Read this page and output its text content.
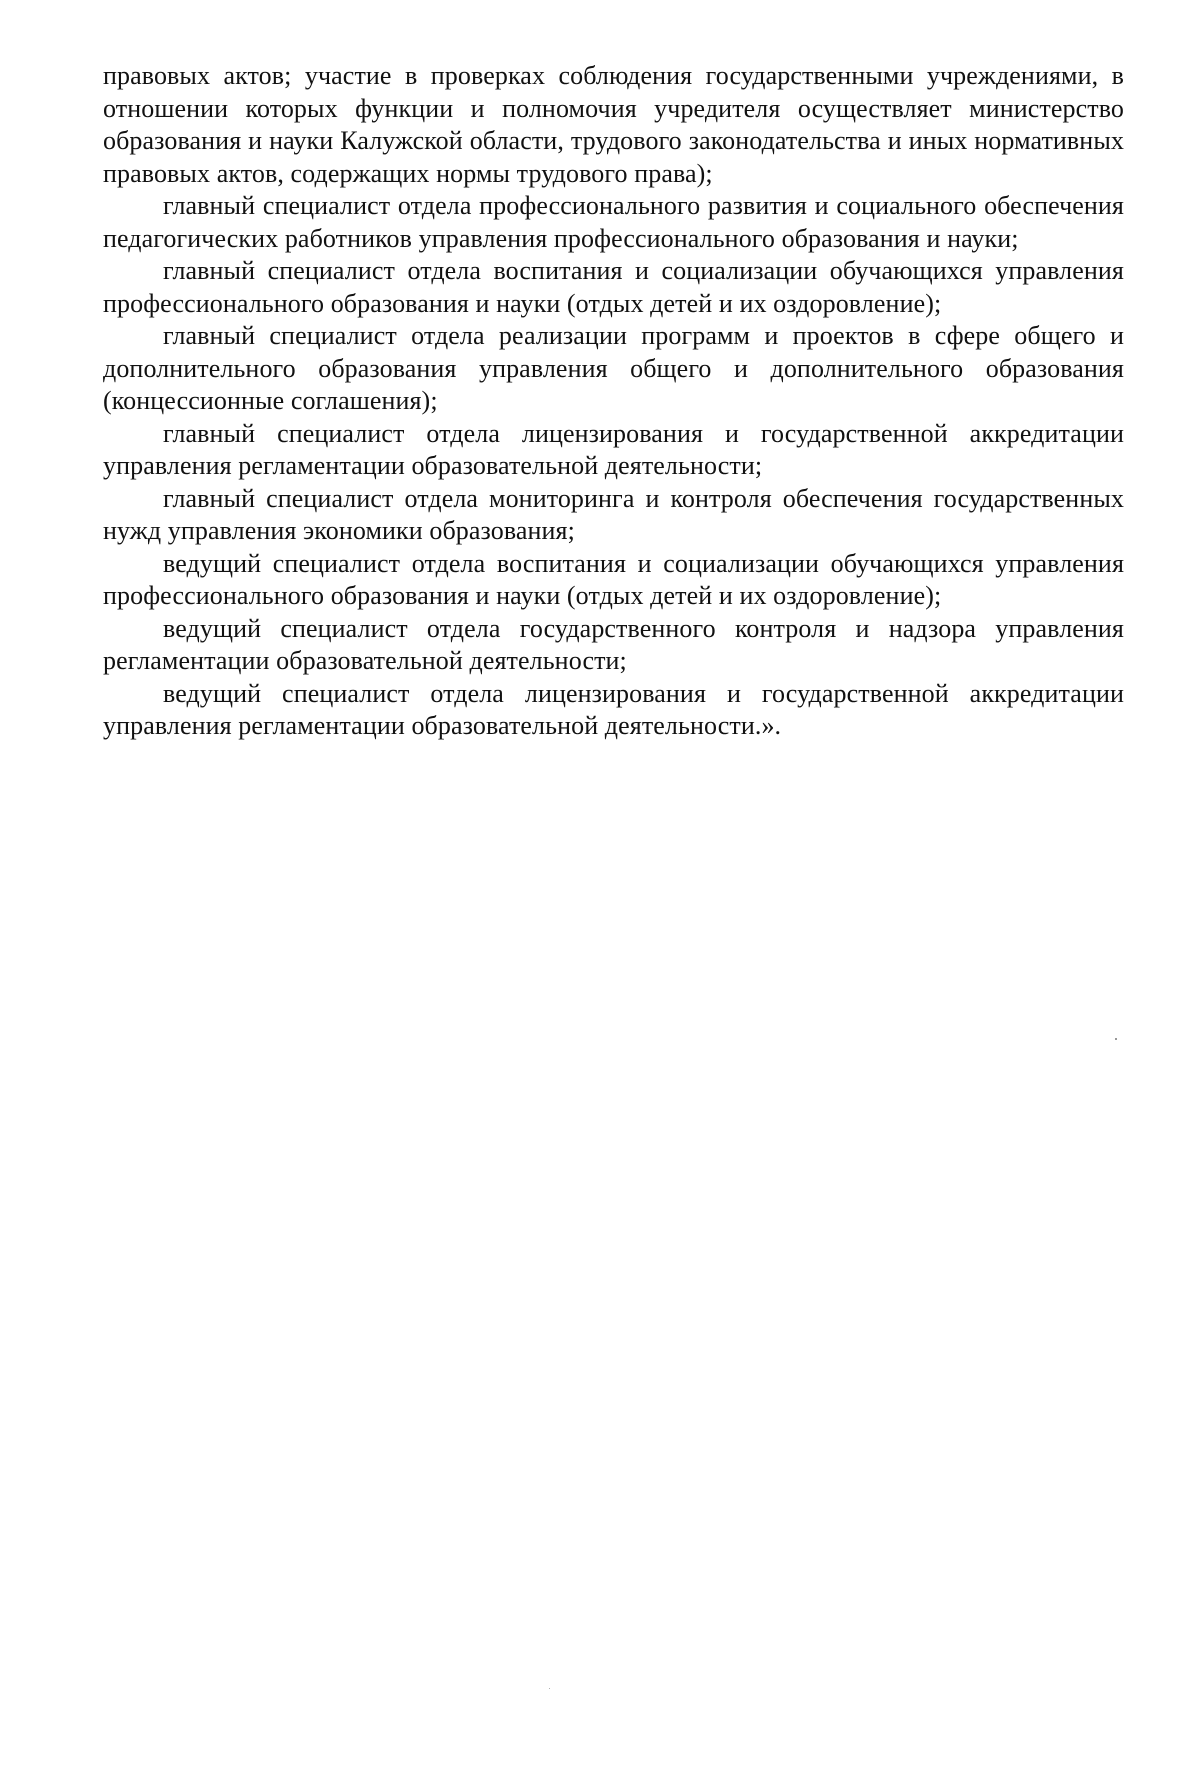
правовых актов; участие в проверках соблюдения государственными учреждениями, в отношении которых функции и полномочия учредителя осуществляет министерство образования и науки Калужской области, трудового законодательства и иных нормативных правовых актов, содержащих нормы трудового права);

главный специалист отдела профессионального развития и социального обеспечения педагогических работников управления профессионального образования и науки;

главный специалист отдела воспитания и социализации обучающихся управления профессионального образования и науки (отдых детей и их оздоровление);

главный специалист отдела реализации программ и проектов в сфере общего и дополнительного образования управления общего и дополнительного образования (концессионные соглашения);

главный специалист отдела лицензирования и государственной аккредитации управления регламентации образовательной деятельности;

главный специалист отдела мониторинга и контроля обеспечения государственных нужд управления экономики образования;

ведущий специалист отдела воспитания и социализации обучающихся управления профессионального образования и науки (отдых детей и их оздоровление);

ведущий специалист отдела государственного контроля и надзора управления регламентации образовательной деятельности;

ведущий специалист отдела лицензирования и государственной аккредитации управления регламентации образовательной деятельности.».
